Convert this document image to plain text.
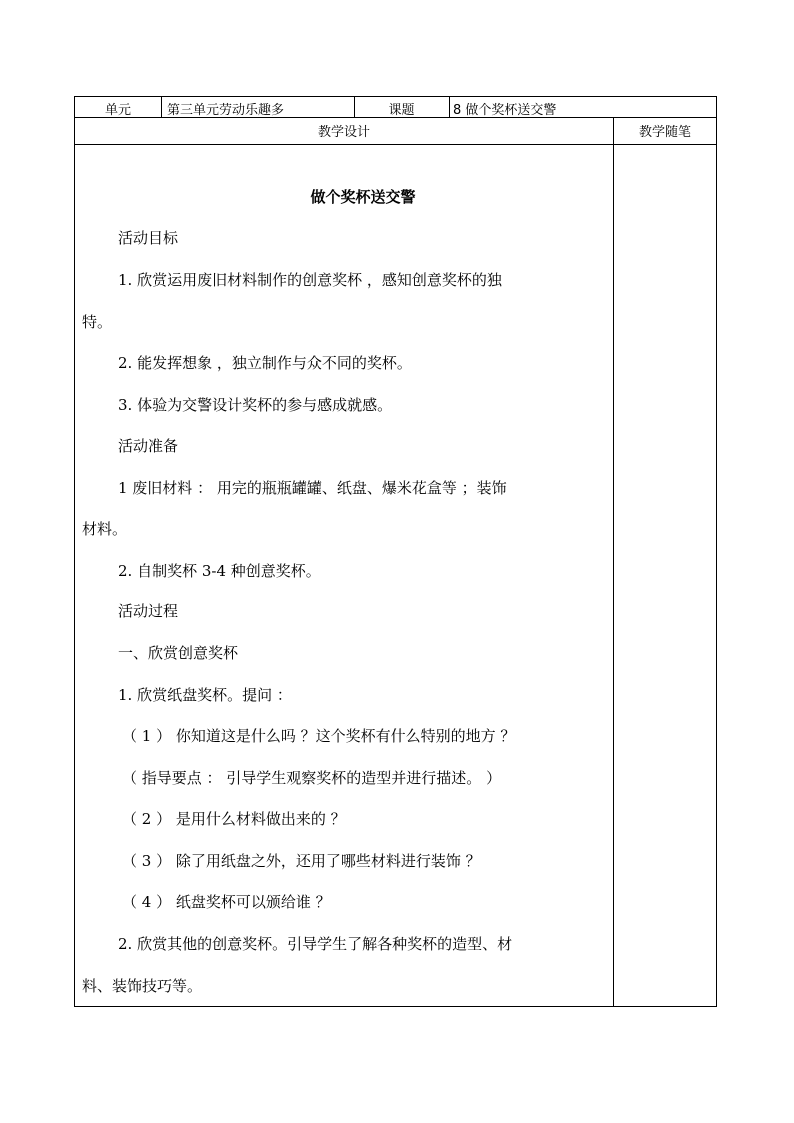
单元	第三单元劳动乐趣多	课题	8 做个奖杯送交警
教学设计	教学随笔
做个奖杯送交警
活动目标
1. 欣赏运用废旧材料制作的创意奖杯 ，感知创意奖杯的独
特。
2. 能发挥想象 ，独立制作与众不同的奖杯。
3. 体验为交警设计奖杯的参与感成就感。
活动准备
1 废旧材料 ： 用完的瓶瓶罐罐、纸盘、爆米花盒等 ；装饰
材料。
2. 自制奖杯 3-4 种创意奖杯。
活动过程
一、欣赏创意奖杯
1. 欣赏纸盘奖杯。提问 ：
（ 1 ） 你知道这是什么吗 ？这个奖杯有什么特别的地方 ？
（ 指导要点 ： 引导学生观察奖杯的造型并进行描述。 ）
（ 2 ） 是用什么材料做出来的 ？
（ 3 ） 除了用纸盘之外，还用了哪些材料进行装饰 ？
（ 4 ） 纸盘奖杯可以颁给谁 ？
2. 欣赏其他的创意奖杯。引导学生了解各种奖杯的造型、材
料、装饰技巧等。
